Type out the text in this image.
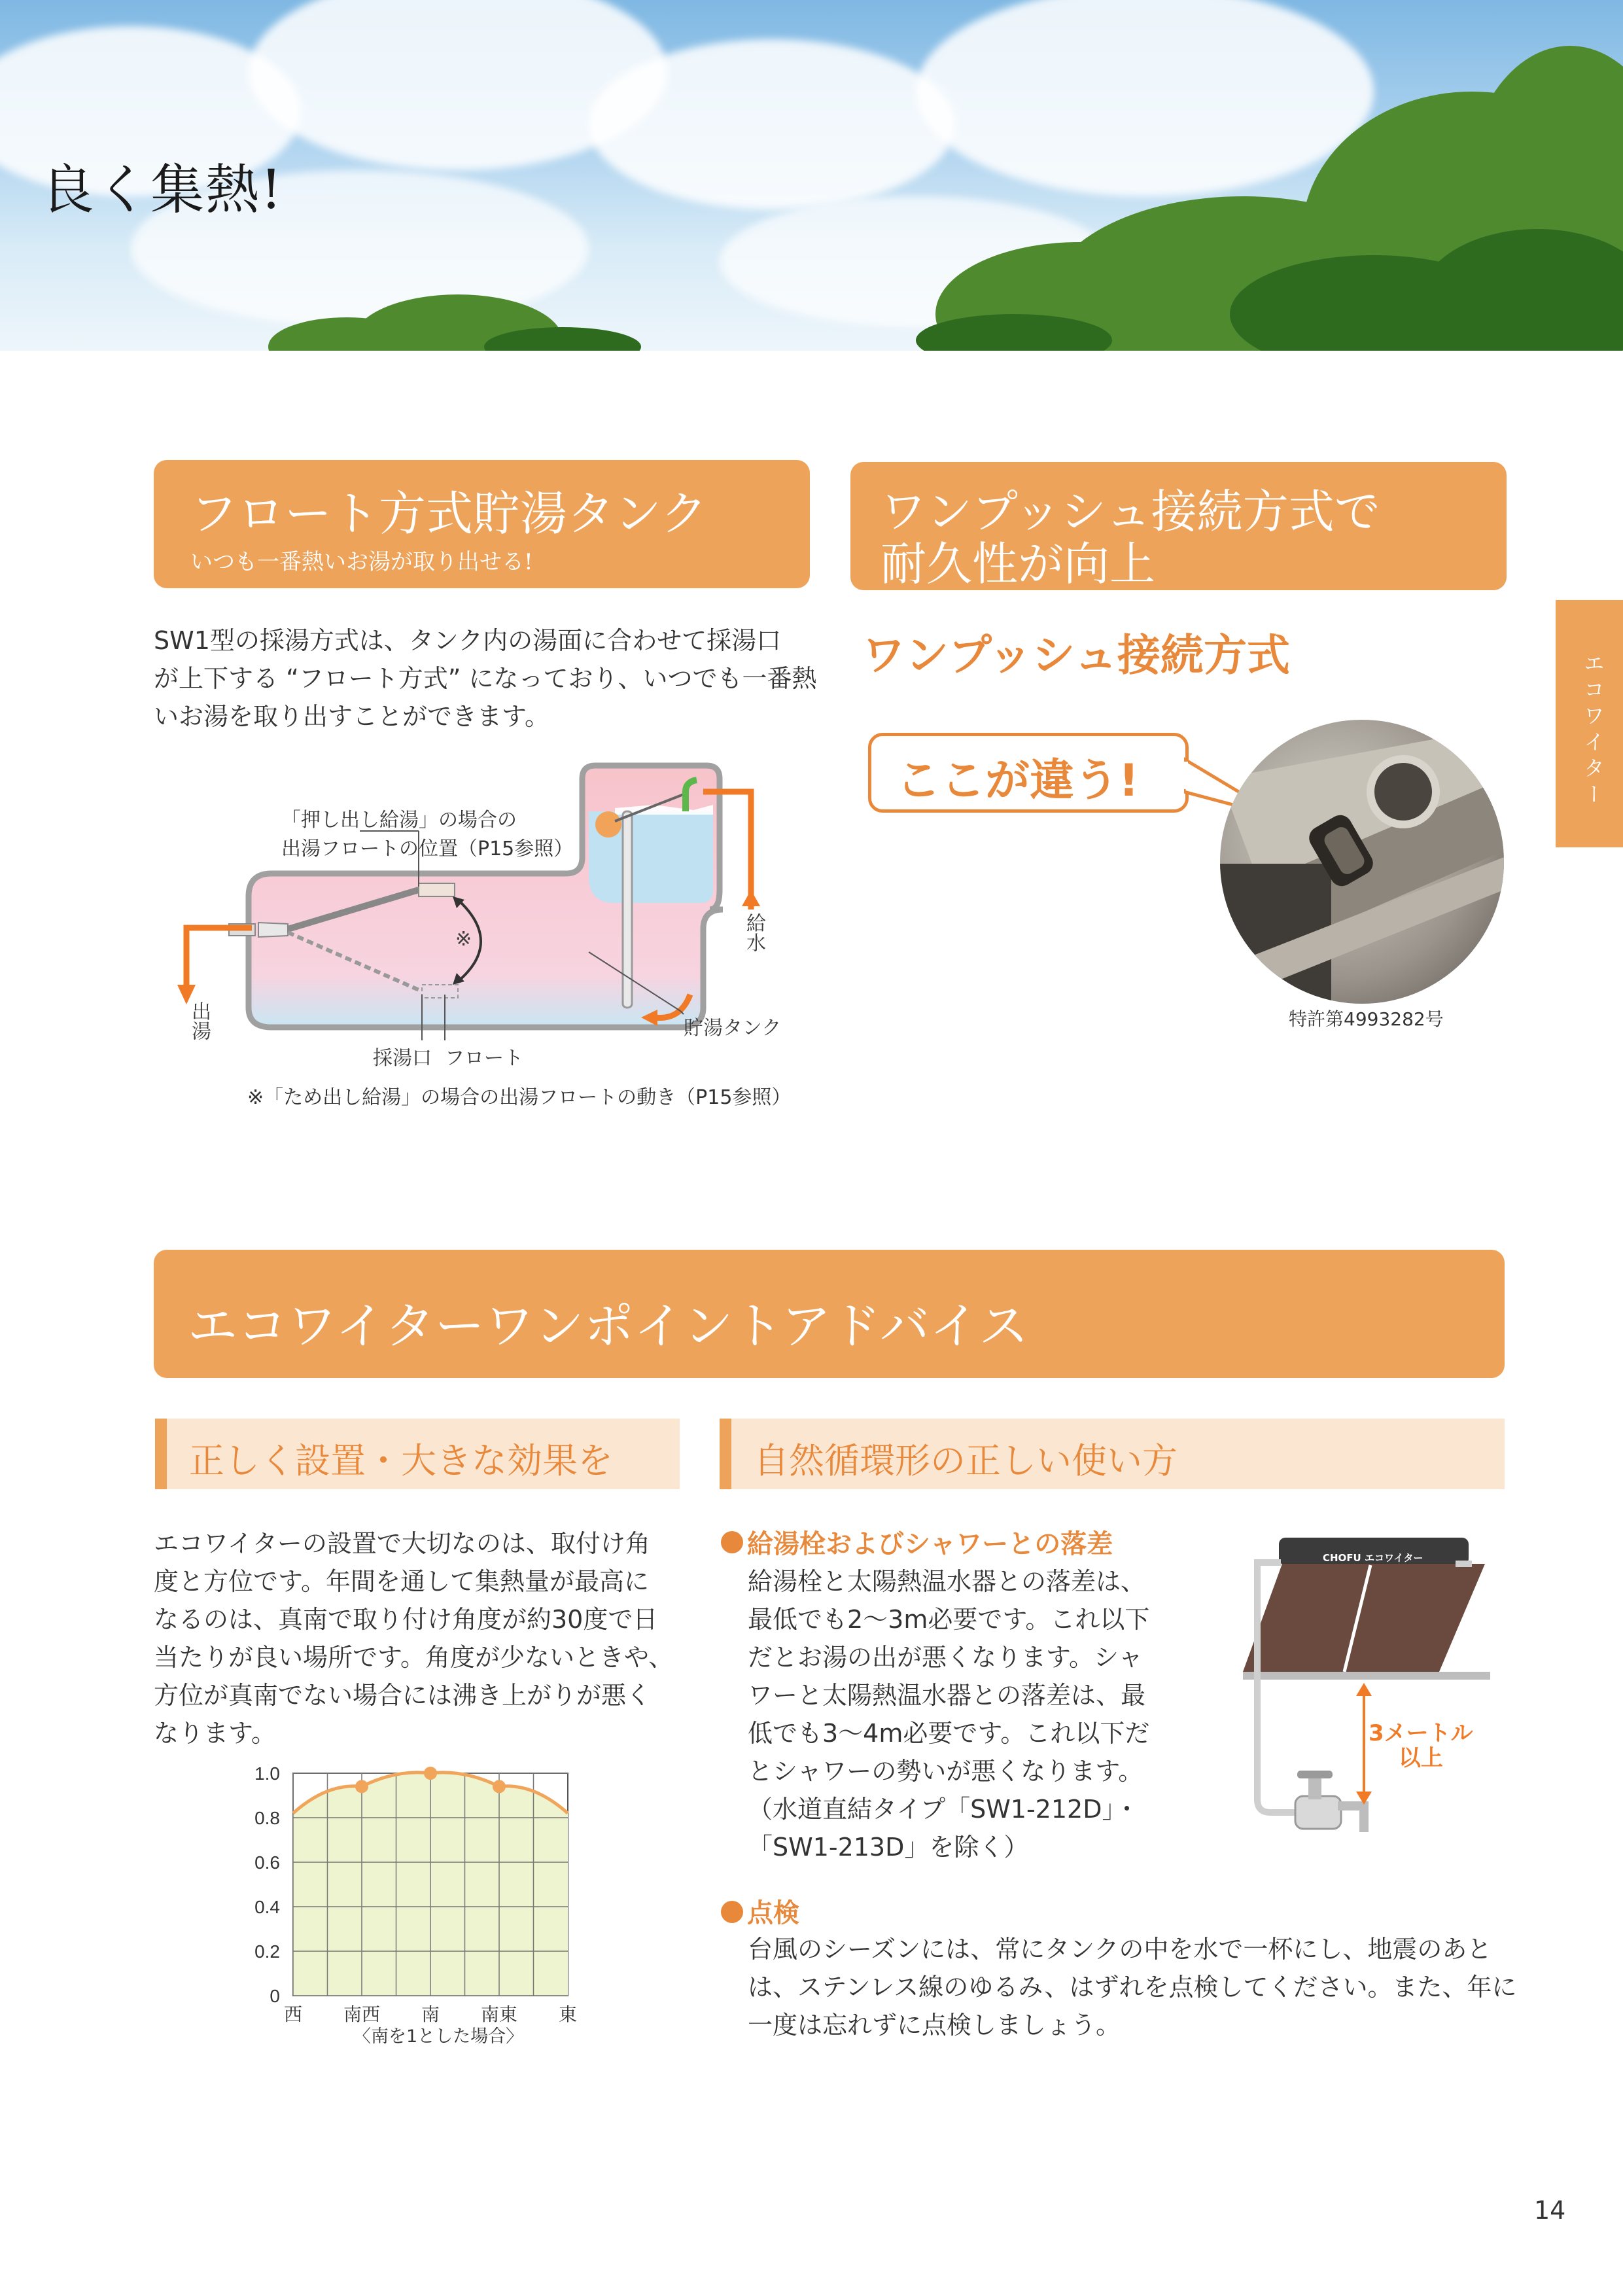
良く集熱!
エコワイター
フロート方式貯湯タンク
いつも一番熱いお湯が取り出せる!
SW1型の採湯方式は、タンク内の湯面に合わせて採湯口
が上下する “フロート方式” になっており、いつでも一番熱
いお湯を取り出すことができます。
「押し出し給湯」の場合の
出湯フロートの位置（P15参照）
※	給水
出湯	貯湯タンク
採湯口 フロート
※「ため出し給湯」の場合の出湯フロートの動き（P15参照）
ワンプッシュ接続方式で
耐久性が向上
ワンプッシュ接続方式
ここが違う!
特許第4993282号
エコワイターワンポイントアドバイス
正しく設置・大きな効果を
エコワイターの設置で大切なのは、取付け角
度と方位です。年間を通して集熱量が最高に
なるのは、真南で取り付け角度が約30度で日
当たりが良い場所です。角度が少ないときや、
方位が真南でない場合には沸き上がりが悪く
なります。
1.0
0.8
0.6
0.4
0.2
0
西 南西 南 南東 東
〈南を1とした場合〉
自然循環形の正しい使い方
給湯栓およびシャワーとの落差
給湯栓と太陽熱温水器との落差は、
最低でも2～3m必要です。これ以下
だとお湯の出が悪くなります。シャ
ワーと太陽熱温水器との落差は、最
低でも3～4m必要です。これ以下だ
とシャワーの勢いが悪くなります。
（水道直結タイプ「SW1-212D」・
「SW1-213D」を除く）
CHOFU エコワイター
3メートル
以上
点検
台風のシーズンには、常にタンクの中を水で一杯にし、地震のあと
は、ステンレス線のゆるみ、はずれを点検してください。また、年に
一度は忘れずに点検しましょう。
14
